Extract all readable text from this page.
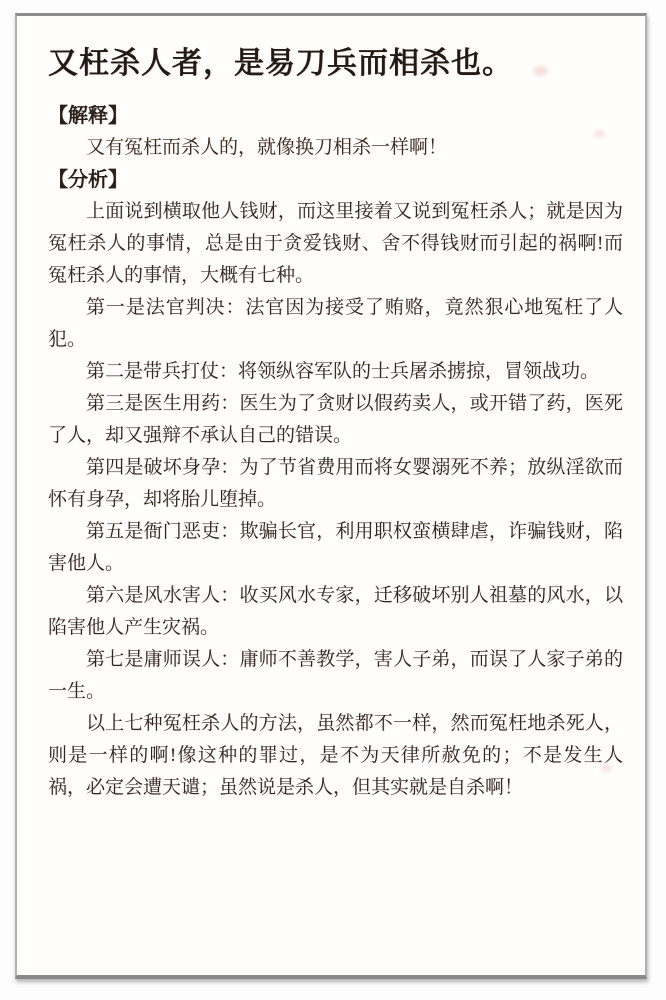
又枉杀人者，是易刀兵而相杀也。
【解释】

又有冤枉而杀人的，就像换刀相杀一样啊！

【分析】

上面说到横取他人钱财，而这里接着又说到冤枉杀人；就是因为冤枉杀人的事情，总是由于贪爱钱财、舍不得钱财而引起的祸啊!而冤枉杀人的事情，大概有七种。

第一是法官判决：法官因为接受了贿赂，竟然狠心地冤枉了人犯。

第二是带兵打仗：将领纵容军队的士兵屠杀掳掠，冒领战功。

第三是医生用药：医生为了贪财以假药卖人，或开错了药，医死了人，却又强辩不承认自己的错误。

第四是破坏身孕：为了节省费用而将女婴溺死不养；放纵淫欲而怀有身孕，却将胎儿堕掉。

第五是衙门恶吏：欺骗长官，利用职权蛮横肆虐，诈骗钱财，陷害他人。

第六是风水害人：收买风水专家，迁移破坏别人祖墓的风水，以陷害他人产生灾祸。

第七是庸师误人：庸师不善教学，害人子弟，而误了人家子弟的一生。

以上七种冤枉杀人的方法，虽然都不一样，然而冤枉地杀死人，则是一样的啊!像这种的罪过，是不为天律所赦免的；不是发生人祸，必定会遭天谴；虽然说是杀人，但其实就是自杀啊！
